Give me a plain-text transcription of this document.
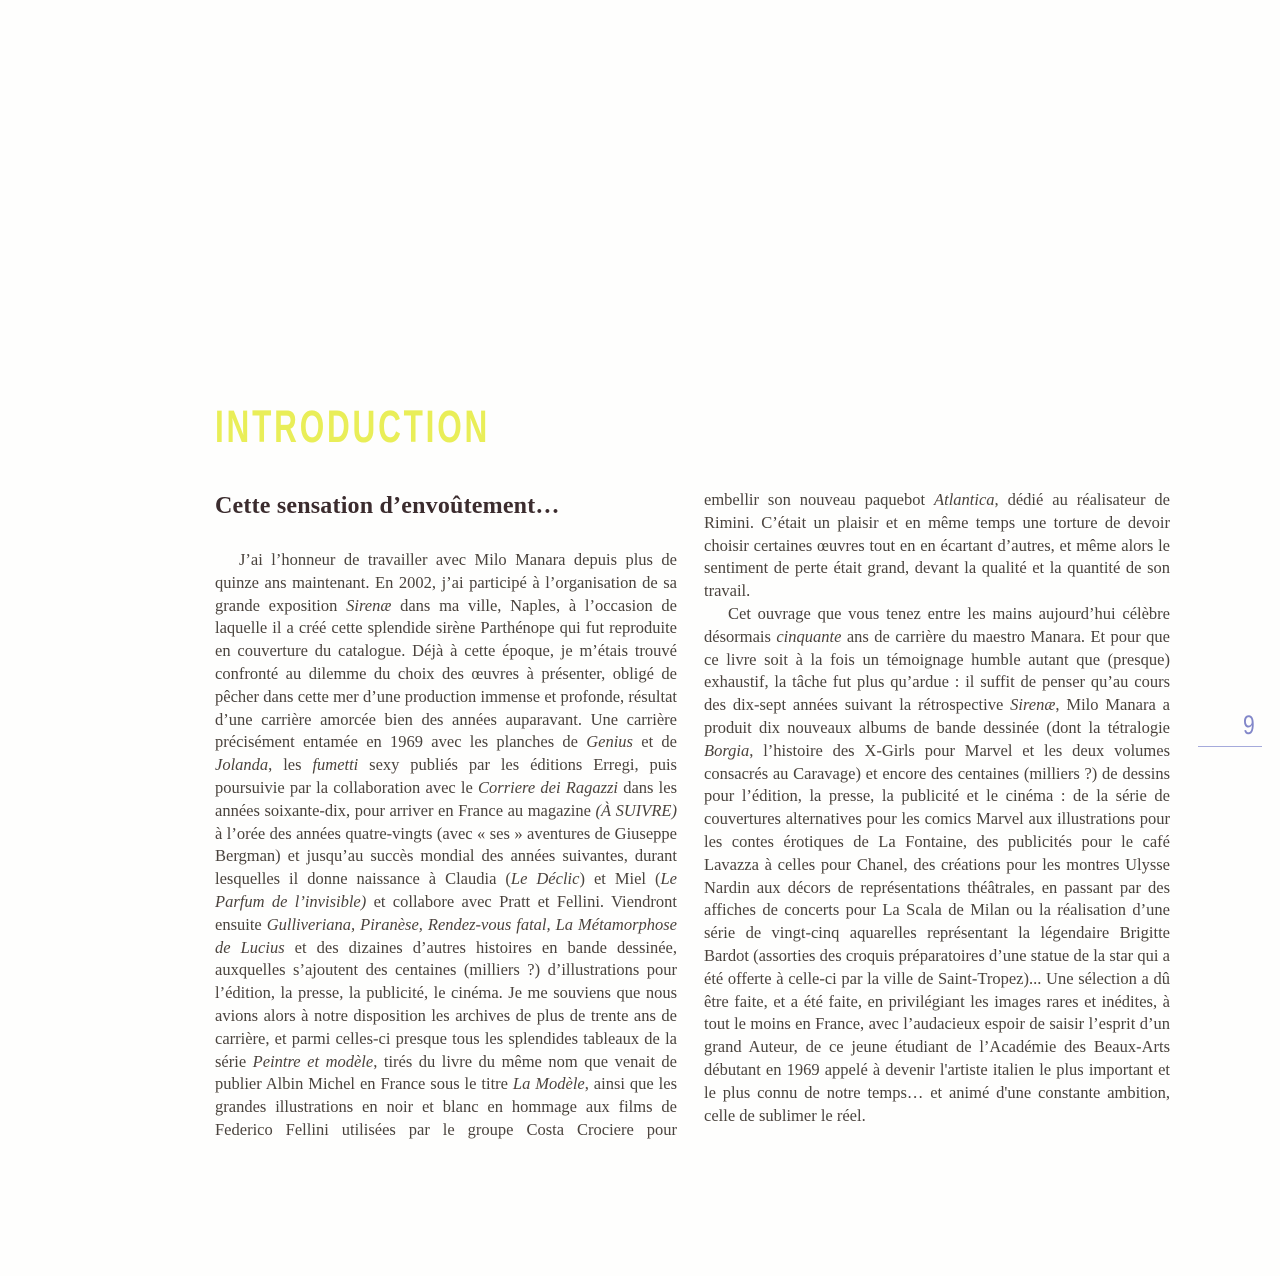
INTRODUCTION
Cette sensation d’envoûtement…

J’ai l’honneur de travailler avec Milo Manara depuis plus de quinze ans maintenant. En 2002, j’ai participé à l’organisation de sa grande exposition Sirenæ dans ma ville, Naples, à l’occasion de laquelle il a créé cette splendide sirène Parthénope qui fut reproduite en couverture du catalogue. Déjà à cette époque, je m’étais trouvé confronté au dilemme du choix des œuvres à présenter, obligé de pêcher dans cette mer d’une production immense et profonde, résultat d’une carrière amorcée bien des années auparavant. Une carrière précisément entamée en 1969 avec les planches de Genius et de Jolanda, les fumetti sexy publiés par les éditions Erregi, puis poursuivie par la collaboration avec le Corriere dei Ragazzi dans les années soixante-dix, pour arriver en France au magazine (À SUIVRE) à l’orée des années quatre-vingts (avec « ses » aventures de Giuseppe Bergman) et jusqu’au succès mondial des années suivantes, durant lesquelles il donne naissance à Claudia (Le Déclic) et Miel (Le Parfum de l’invisible) et collabore avec Pratt et Fellini. Viendront ensuite Gulliveriana, Piranèse, Rendez-vous fatal, La Métamorphose de Lucius et des dizaines d’autres histoires en bande dessinée, auxquelles s’ajoutent des centaines (milliers ?) d’illustrations pour l’édition, la presse, la publicité, le cinéma. Je me souviens que nous avions alors à notre disposition les archives de plus de trente ans de carrière, et parmi celles-ci presque tous les splendides tableaux de la série Peintre et modèle, tirés du livre du même nom que venait de publier Albin Michel en France sous le titre La Modèle, ainsi que les grandes illustrations en noir et blanc en hommage aux films de Federico Fellini utilisées par le groupe Costa Crociere pour

embellir son nouveau paquebot Atlantica, dédié au réalisateur de Rimini. C’était un plaisir et en même temps une torture de devoir choisir certaines œuvres tout en en écartant d’autres, et même alors le sentiment de perte était grand, devant la qualité et la quantité de son travail.

Cet ouvrage que vous tenez entre les mains aujourd’hui célèbre désormais cinquante ans de carrière du maestro Manara. Et pour que ce livre soit à la fois un témoignage humble autant que (presque) exhaustif, la tâche fut plus qu’ardue : il suffit de penser qu’au cours des dix-sept années suivant la rétrospective Sirenæ, Milo Manara a produit dix nouveaux albums de bande dessinée (dont la tétralogie Borgia, l’histoire des X-Girls pour Marvel et les deux volumes consacrés au Caravage) et encore des centaines (milliers ?) de dessins pour l’édition, la presse, la publicité et le cinéma : de la série de couvertures alternatives pour les comics Marvel aux illustrations pour les contes érotiques de La Fontaine, des publicités pour le café Lavazza à celles pour Chanel, des créations pour les montres Ulysse Nardin aux décors de représentations théâtrales, en passant par des affiches de concerts pour La Scala de Milan ou la réalisation d’une série de vingt-cinq aquarelles représentant la légendaire Brigitte Bardot (assorties des croquis préparatoires d’une statue de la star qui a été offerte à celle-ci par la ville de Saint-Tropez)... Une sélection a dû être faite, et a été faite, en privilégiant les images rares et inédites, à tout le moins en France, avec l’audacieux espoir de saisir l’esprit d’un grand Auteur, de ce jeune étudiant de l’Académie des Beaux-Arts débutant en 1969 appelé à devenir l'artiste italien le plus important et le plus connu de notre temps… et animé d'une constante ambition, celle de sublimer le réel.

9
